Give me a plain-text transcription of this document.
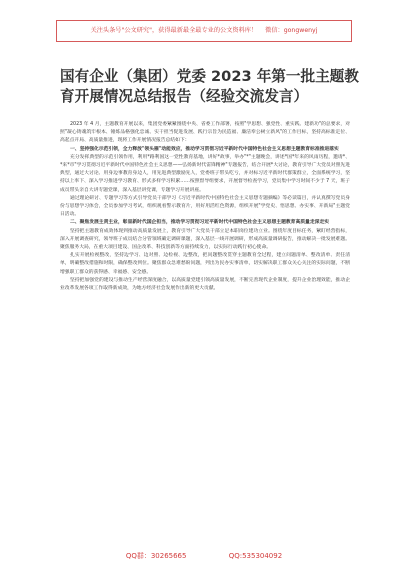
关注头条号"公文研究"，获得最新最全最专业的公文资料库！ 微信：gongwenyj
国有企业（集团）党委 2023 年第一批主题教育开展情况总结报告（经验交流发言）

2023 年 4 月，主题教育开展以来，集团党委紧紧围绕中央、省委工作部署，按照"学思想、强党性、重实践、建新功"的总要求，对照"凝心铸魂筑牢根本、锤炼品格强化忠诚、实干担当促进发展、践行宗旨为民造福、廉洁奉公树立新风"的工作目标，坚持高标准定位、高起点开局、高质量推进，现将工作开展情况报告总结如下：

一、坚持强化示范引领，全力释放"领头雁"动能效应，推动学习贯彻习近平新时代中国特色社会主义思想主题教育标准推进落实

充分发挥典型的示范引领作用，利用*路利国这一党性教育基地，讲好*故事，举办"*"主题晚会，讲述*国*年来的风雨历程，邀请*、*来*市"学习贯彻习近平新时代中国特色社会主义思想——弘扬新时代雷锋精神"专题报告，结合开展*大讨论，教育引导广大党员对照先进典型，通过大讨论、用身边事教育身边人，用先进典型激励先人，党委班子带头吃亏，并对标习近平新时代群策群立，全面系统学习，坚持以上率下、深入学习推进学习教育、形式多样学习积累……按照督导组要求，开展督导检查学习，党员集中学习时间不少于 7 天，班子成员带头亲自大讲专题党课，深入基层讲党课，专题学习开展讲座。

通过理论研讨、专题学习等方式引导党员干部学习《习近平新时代中国特色社会主义思想专题摘编》等必读篇目，并认真撰写党员身份与思想学习体会，全员参加学习考试，组织观看警示教育片，用好用活红色资源，组织开展"学党史、悟思想、办实事、开新局"主题党日活动。

二、聚焦发展主责主业，彰显新时代国企担当，推动学习贯彻习近平新时代中国特色社会主义思想主题教育高质量走深走实

坚持把主题教育成效体现到推动高质量发展上，教育引导广大党员干部立足本职岗位建功立业。围绕年度目标任务，紧盯经营指标，深入开展调查研究，领导班子成员结合分管领域确定调研课题，深入基层一线开展调研，形成高质量调研报告，推动解决一批发展难题。聚焦服务大局，在重大项目建设、国企改革、科技创新等方面持续发力，以实际行动践行初心使命。

扎实开展检视整改，坚持边学习、边对照、边检视、边整改，把问题整改贯穿主题教育全过程，建立问题清单、整改清单、责任清单，明确整改措施和时限，确保整改到位。聚焦群众急难愁盼问题，列出为民办实事清单，切实解决职工群众关心关注的实际问题，不断增强职工群众的获得感、幸福感、安全感。

坚持把加强党的建设与推动生产经营深度融合，以高质量党建引领高质量发展，不断完善现代企业制度，提升企业治理效能，推动企业改革发展各项工作取得新成效，为地方经济社会发展作出新的更大贡献。

QQ群：30265665	QQ:535304092
